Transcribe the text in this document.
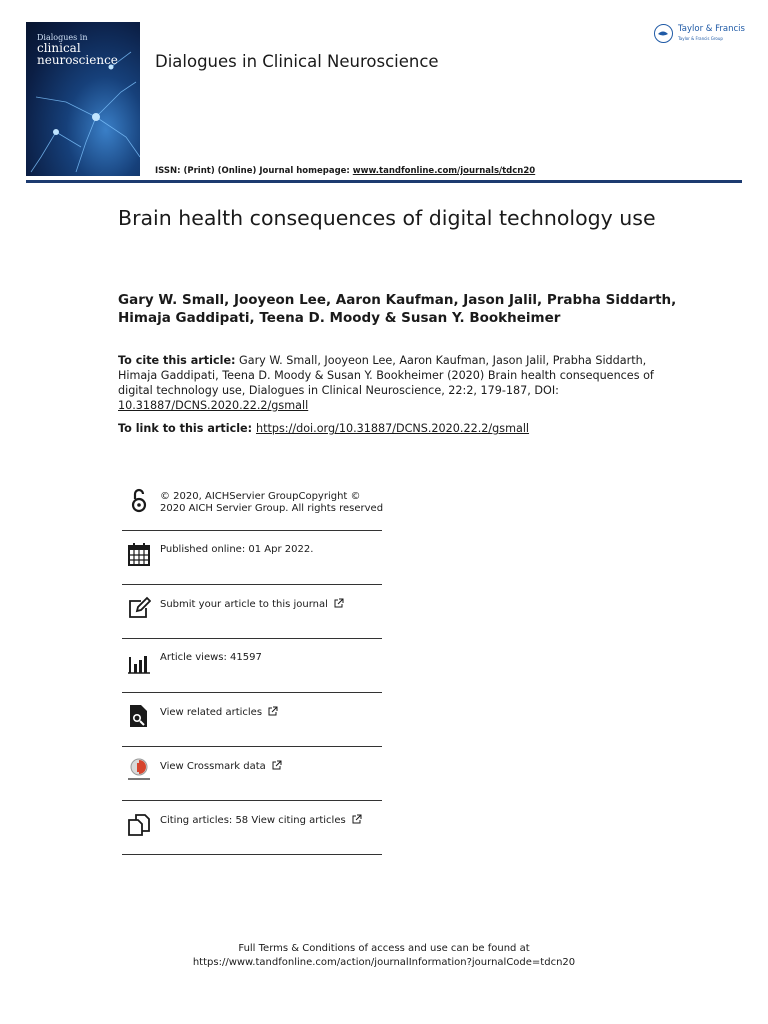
Dialogues in
clinical
neuroscience Dialogues in Clinical Neuroscience
ISSN: (Print) (Online) Journal homepage: www.tandfonline.com/journals/tdcn20
Taylor & Francis
Taylor & Francis Group
Brain health consequences of digital technology use
Gary W. Small, Jooyeon Lee, Aaron Kaufman, Jason Jalil, Prabha Siddarth, Himaja Gaddipati, Teena D. Moody & Susan Y. Bookheimer
To cite this article: Gary W. Small, Jooyeon Lee, Aaron Kaufman, Jason Jalil, Prabha Siddarth, Himaja Gaddipati, Teena D. Moody & Susan Y. Bookheimer (2020) Brain health consequences of digital technology use, Dialogues in Clinical Neuroscience, 22:2, 179-187, DOI: 10.31887/DCNS.2020.22.2/gsmall
To link to this article: https://doi.org/10.31887/DCNS.2020.22.2/gsmall
© 2020, AICHServier GroupCopyright © 2020 AICH Servier Group. All rights reserved
Published online: 01 Apr 2022.
Submit your article to this journal
Article views: 41597
View related articles
View Crossmark data
Citing articles: 58 View citing articles
Full Terms & Conditions of access and use can be found at
https://www.tandfonline.com/action/journalInformation?journalCode=tdcn20
